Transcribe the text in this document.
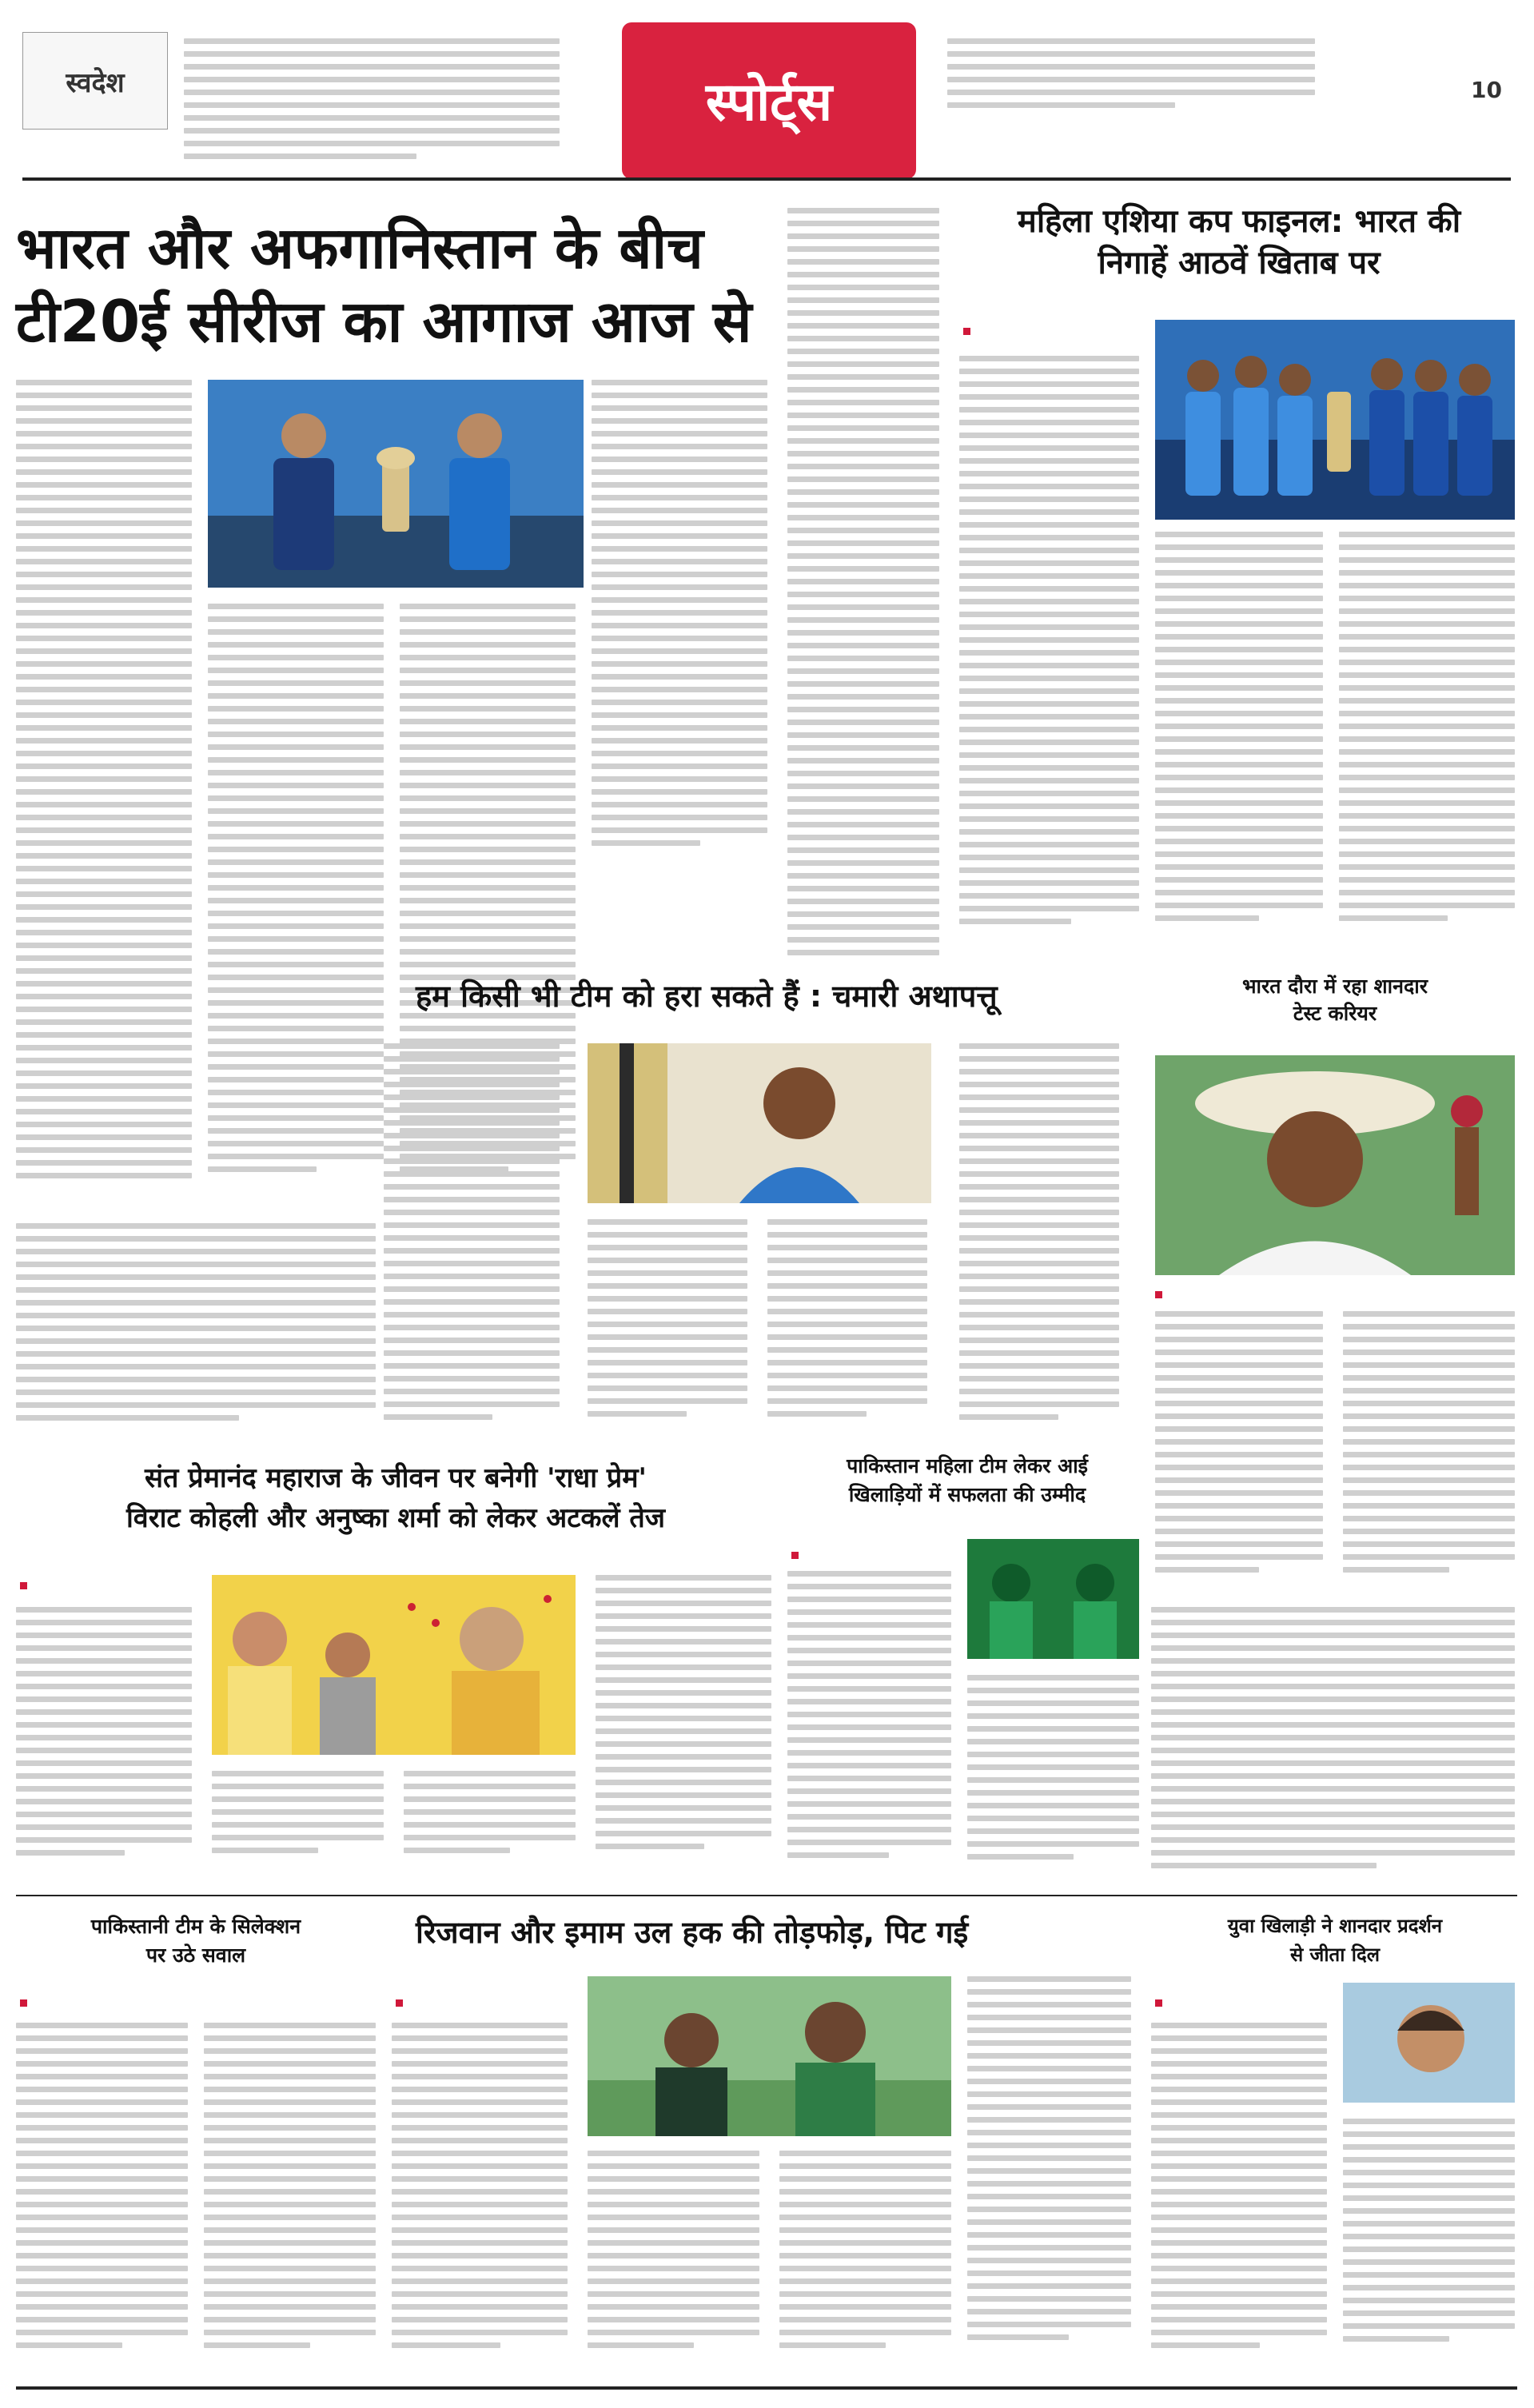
स्वदेश	स्पोर्ट्स	10
भारत और अफगानिस्तान के बीच
टी20ई सीरीज का आगाज आज से
महिला एशिया कप फाइनल: भारत की
निगाहें आठवें खिताब पर
हम किसी भी टीम को हरा सकते हैं : चमारी अथापत्तू	भारत दौरा में रहा शानदार
टेस्ट करियर
संत प्रेमानंद महाराज के जीवन पर बनेगी 'राधा प्रेम'
विराट कोहली और अनुष्का शर्मा को लेकर अटकलें तेज
पाकिस्तान महिला टीम लेकर आई
खिलाड़ियों में सफलता की उम्मीद
पाकिस्तानी टीम के सिलेक्शन
पर उठे सवाल
रिजवान और इमाम उल हक की तोड़फोड़, पिट गई	युवा खिलाड़ी ने शानदार प्रदर्शन
से जीता दिल
